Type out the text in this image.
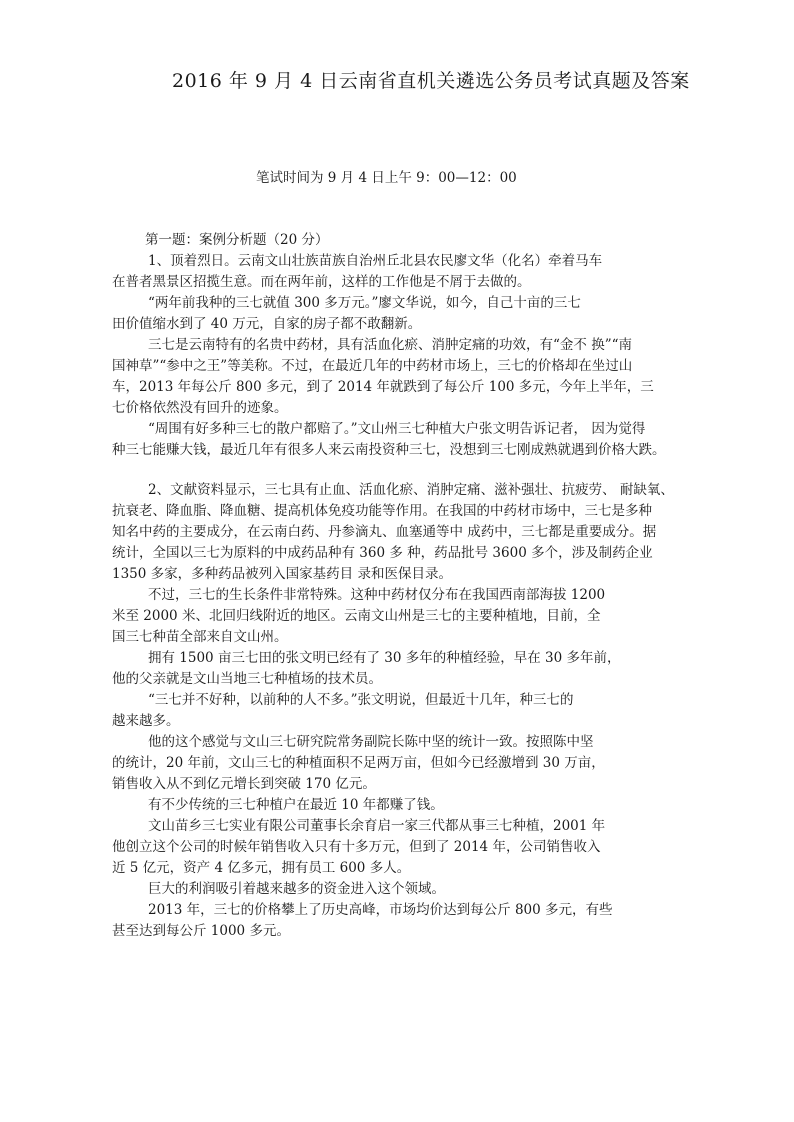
2016 年 9 月 4 日云南省直机关遴选公务员考试真题及答案
笔试时间为 9 月 4 日上午 9：00—12：00
第一题：案例分析题（20 分）
1、顶着烈日。云南文山壮族苗族自治州丘北县农民廖文华（化名）牵着马车
在普者黑景区招揽生意。而在两年前，这样的工作他是不屑于去做的。
“两年前我种的三七就值 300 多万元。”廖文华说，如今，自己十亩的三七
田价值缩水到了 40 万元，自家的房子都不敢翻新。
三七是云南特有的名贵中药材，具有活血化瘀、消肿定痛的功效，有“金不 换”“南
国神草”“参中之王”等美称。不过，在最近几年的中药材市场上，三七的价格却在坐过山
车，2013 年每公斤 800 多元，到了 2014 年就跌到了每公斤 100 多元，今年上半年，三
七价格依然没有回升的迹象。
“周围有好多种三七的散户都赔了。”文山州三七种植大户张文明告诉记者， 因为觉得
种三七能赚大钱，最近几年有很多人来云南投资种三七，没想到三七刚成熟就遇到价格大跌。
2、文献资料显示，三七具有止血、活血化瘀、消肿定痛、滋补强壮、抗疲劳、 耐缺氧、
抗衰老、降血脂、降血糖、提高机体免疫功能等作用。在我国的中药材市场中，三七是多种
知名中药的主要成分，在云南白药、丹参滴丸、血塞通等中 成药中，三七都是重要成分。据
统计，全国以三七为原料的中成药品种有 360 多 种，药品批号 3600 多个，涉及制药企业
1350 多家，多种药品被列入国家基药目 录和医保目录。
不过，三七的生长条件非常特殊。这种中药材仅分布在我国西南部海拔 1200
米至 2000 米、北回归线附近的地区。云南文山州是三七的主要种植地，目前，全
国三七种苗全部来自文山州。
拥有 1500 亩三七田的张文明已经有了 30 多年的种植经验，早在 30 多年前，
他的父亲就是文山当地三七种植场的技术员。
“三七并不好种，以前种的人不多。”张文明说，但最近十几年，种三七的
越来越多。
他的这个感觉与文山三七研究院常务副院长陈中坚的统计一致。按照陈中坚
的统计，20 年前，文山三七的种植面积不足两万亩，但如今已经激增到 30 万亩，
销售收入从不到亿元增长到突破 170 亿元。
有不少传统的三七种植户在最近 10 年都赚了钱。
文山苗乡三七实业有限公司董事长余育启一家三代都从事三七种植，2001 年
他创立这个公司的时候年销售收入只有十多万元，但到了 2014 年，公司销售收入
近 5 亿元，资产 4 亿多元，拥有员工 600 多人。
巨大的利润吸引着越来越多的资金进入这个领域。
2013 年，三七的价格攀上了历史高峰，市场均价达到每公斤 800 多元，有些
甚至达到每公斤 1000 多元。
